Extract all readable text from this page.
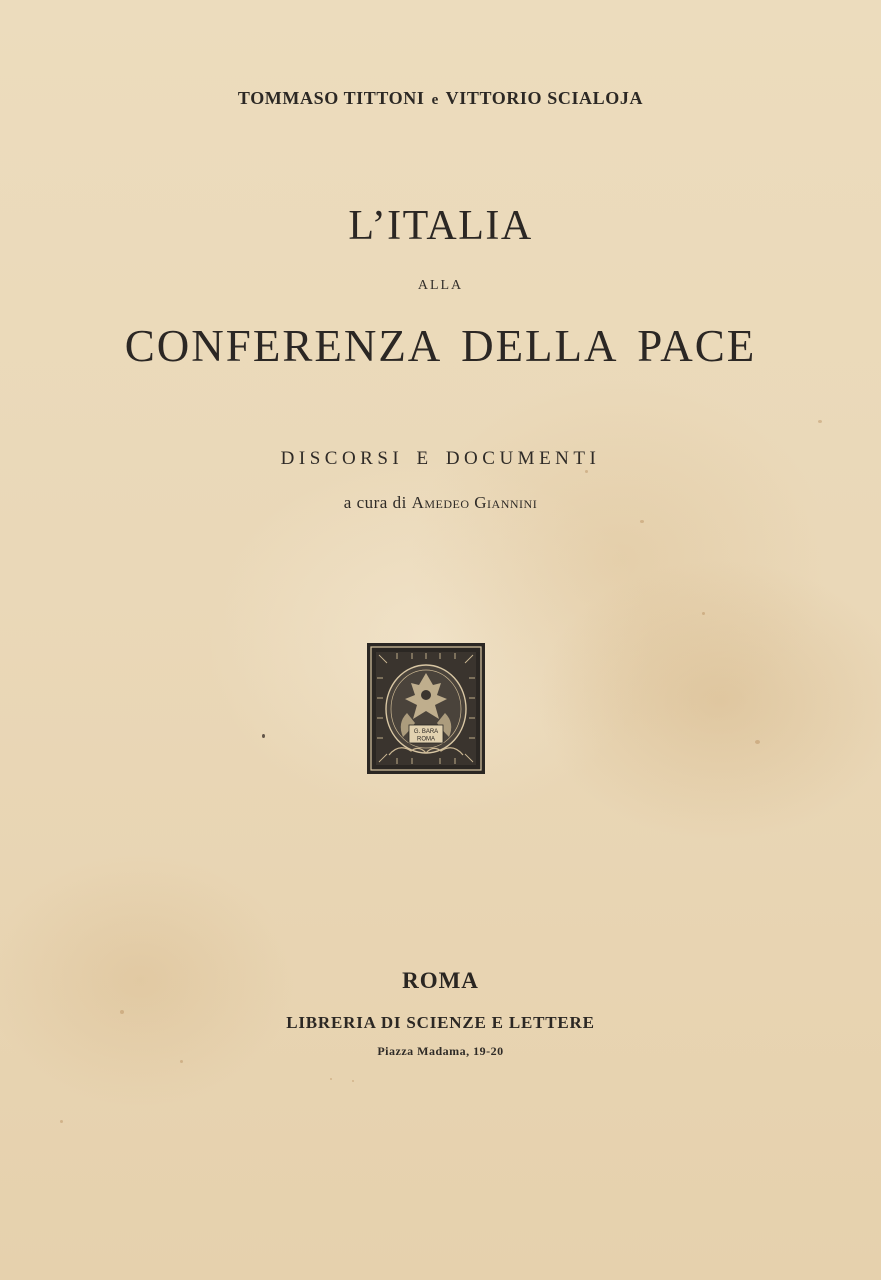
TOMMASO TITTONI e VITTORIO SCIALOJA
L’ITALIA
ALLA
CONFERENZA DELLA PACE
DISCORSI E DOCUMENTI
a cura di Amedeo Giannini
G. BARA
ROMA
ROMA
LIBRERIA DI SCIENZE E LETTERE
Piazza Madama, 19-20
